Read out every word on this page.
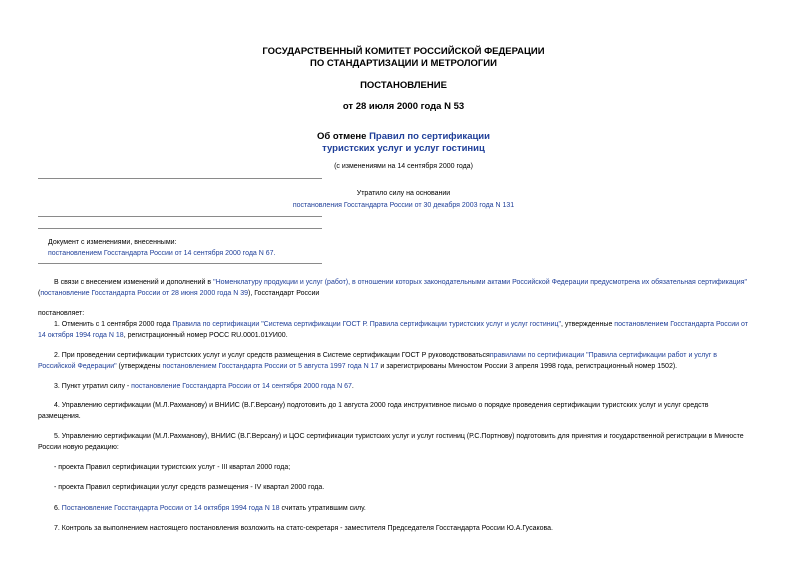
ГОСУДАРСТВЕННЫЙ КОМИТЕТ РОССИЙСКОЙ ФЕДЕРАЦИИ
ПО СТАНДАРТИЗАЦИИ И МЕТРОЛОГИИ
ПОСТАНОВЛЕНИЕ
от 28 июля 2000 года N 53
Об отмене Правил по сертификации
туристских услуг и услуг гостиниц
(с изменениями на 14 сентября 2000 года)
Утратило силу на основании
постановления Госстандарта России от 30 декабря 2003 года N 131
Документ с изменениями, внесенными:
постановлением Госстандарта России от 14 сентября 2000 года N 67.
В связи с внесением изменений и дополнений в "Номенклатуру продукции и услуг (работ), в отношении которых законодательными актами Российской Федерации предусмотрена их обязательная сертификация"
(постановление Госстандарта России от 28 июня 2000 года N 39), Госстандарт России
постановляет:
1. Отменить с 1 сентября 2000 года Правила по сертификации "Система сертификации ГОСТ Р. Правила сертификации туристских услуг и услуг гостиниц", утвержденные постановлением Госстандарта России от
14 октября 1994 года N 18, регистрационный номер РОСС RU.0001.01УИ00.
2. При проведении сертификации туристских услуг и услуг средств размещения в Системе сертификации ГОСТ Р руководствоватьсяправилами по сертификации "Правила сертификации работ и услуг в
Российской Федерации" (утверждены постановлением Госстандарта России от 5 августа 1997 года N 17 и зарегистрированы Минюстом России 3 апреля 1998 года, регистрационный номер 1502).
3. Пункт утратил силу - постановление Госстандарта России от 14 сентября 2000 года N 67.
4. Управлению сертификации (М.Л.Рахманову) и ВНИИС (В.Г.Версану) подготовить до 1 августа 2000 года инструктивное письмо о порядке проведения сертификации туристских услуг и услуг средств
размещения.
5. Управлению сертификации (М.Л.Рахманову), ВНИИС (В.Г.Версану) и ЦОС сертификации туристских услуг и услуг гостиниц (Р.С.Портнову) подготовить для принятия и государственной регистрации в Минюсте
России новую редакцию:
- проекта Правил сертификации туристских услуг - III квартал 2000 года;
- проекта Правил сертификации услуг средств размещения - IV квартал 2000 года.
6. Постановление Госстандарта России от 14 октября 1994 года N 18 считать утратившим силу.
7. Контроль за выполнением настоящего постановления возложить на статс-секретаря - заместителя Председателя Госстандарта России Ю.А.Гусакова.
